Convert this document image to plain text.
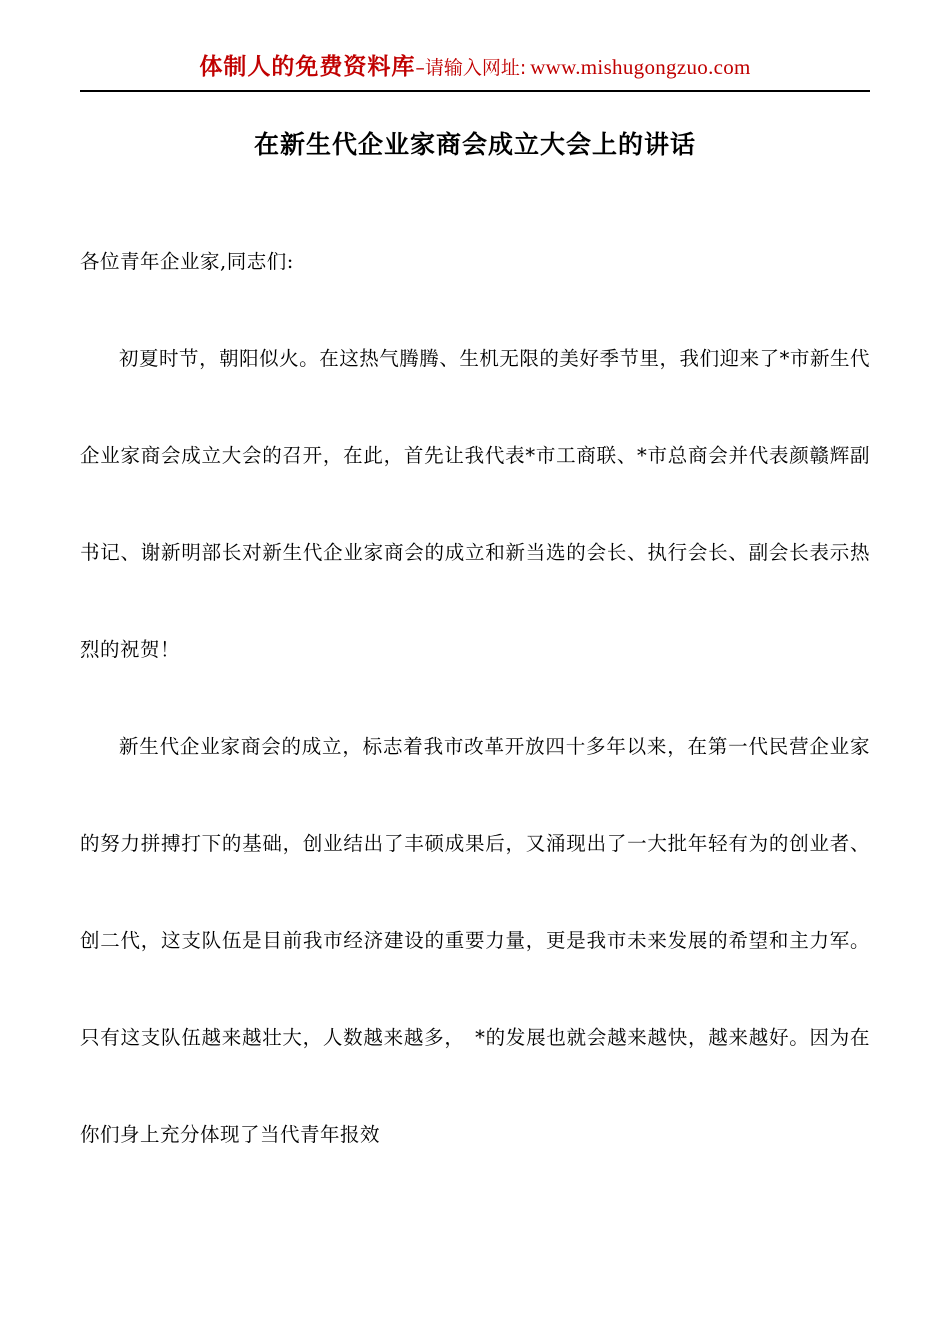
体制人的免费资料库–请输入网址: www.mishugongzuo.com
在新生代企业家商会成立大会上的讲话

各位青年企业家,同志们:

初夏时节，朝阳似火。在这热气腾腾、生机无限的美好季节里，我们迎来了*市新生代企业家商会成立大会的召开，在此，首先让我代表*市工商联、*市总商会并代表颜赣辉副书记、谢新明部长对新生代企业家商会的成立和新当选的会长、执行会长、副会长表示热烈的祝贺！

新生代企业家商会的成立，标志着我市改革开放四十多年以来，在第一代民营企业家的努力拼搏打下的基础，创业结出了丰硕成果后，又涌现出了一大批年轻有为的创业者、创二代，这支队伍是目前我市经济建设的重要力量，更是我市未来发展的希望和主力军。只有这支队伍越来越壮大，人数越来越多，　*的发展也就会越来越快，越来越好。因为在你们身上充分体现了当代青年报效
